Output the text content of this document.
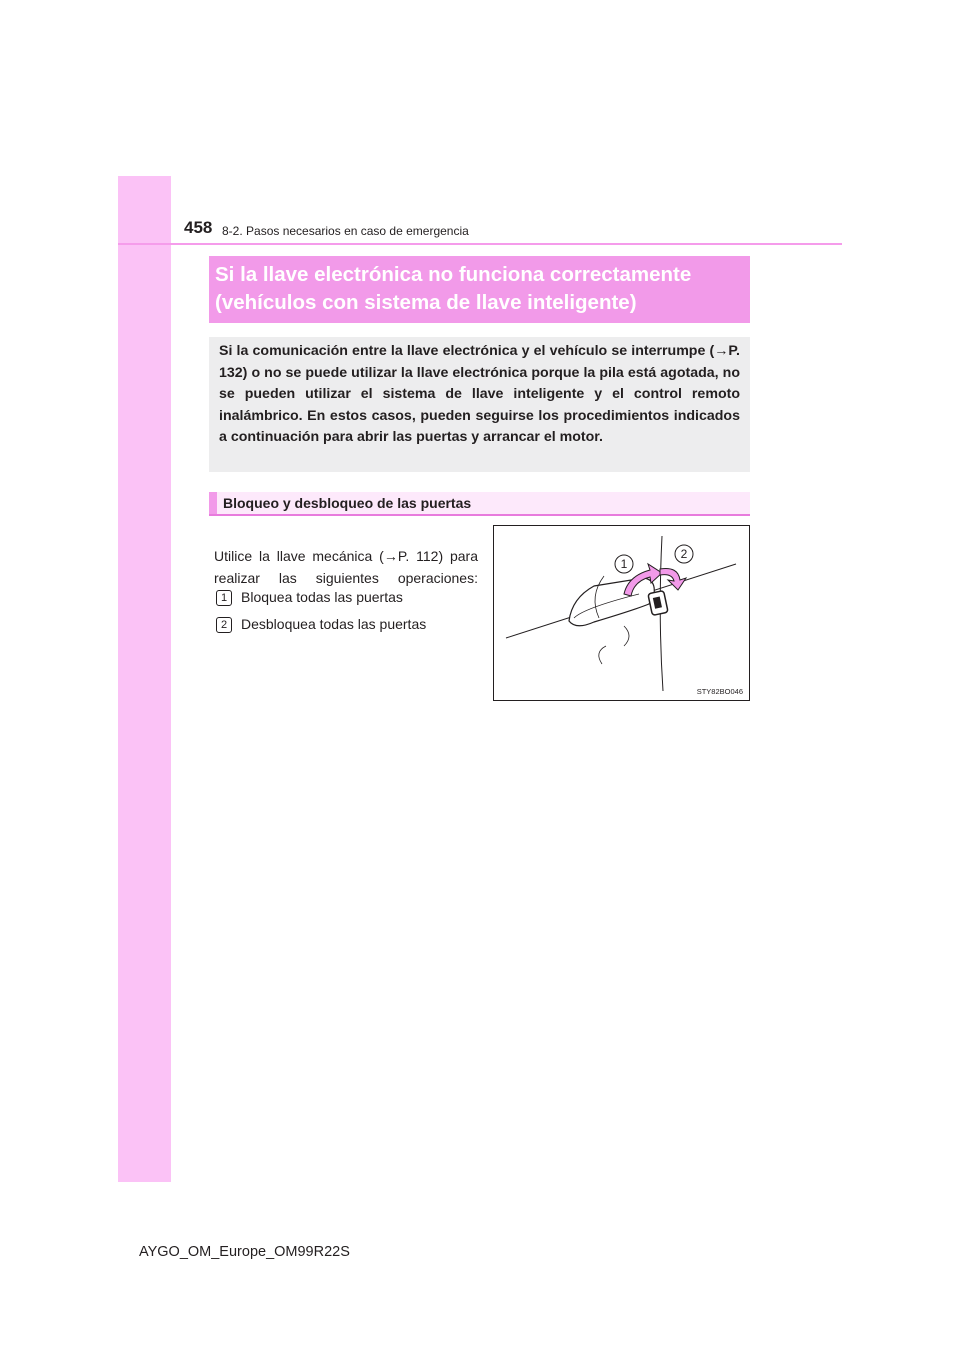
458 8-2. Pasos necesarios en caso de emergencia
Si la llave electrónica no funciona correctamente
(vehículos con sistema de llave inteligente)
Si la comunicación entre la llave electrónica y el vehículo se interrumpe (→P. 132) o no se puede utilizar la llave electrónica porque la pila está agotada, no se pueden utilizar el sistema de llave inteligente y el control remoto inalámbrico. En estos casos, pueden seguirse los procedimientos indicados a continuación para abrir las puertas y arrancar el motor.
Bloqueo y desbloqueo de las puertas
Utilice la llave mecánica (→P. 112) para realizar las siguientes operaciones:
1 Bloquea todas las puertas
2 Desbloquea todas las puertas
1
2
STY82BO046
AYGO_OM_Europe_OM99R22S
